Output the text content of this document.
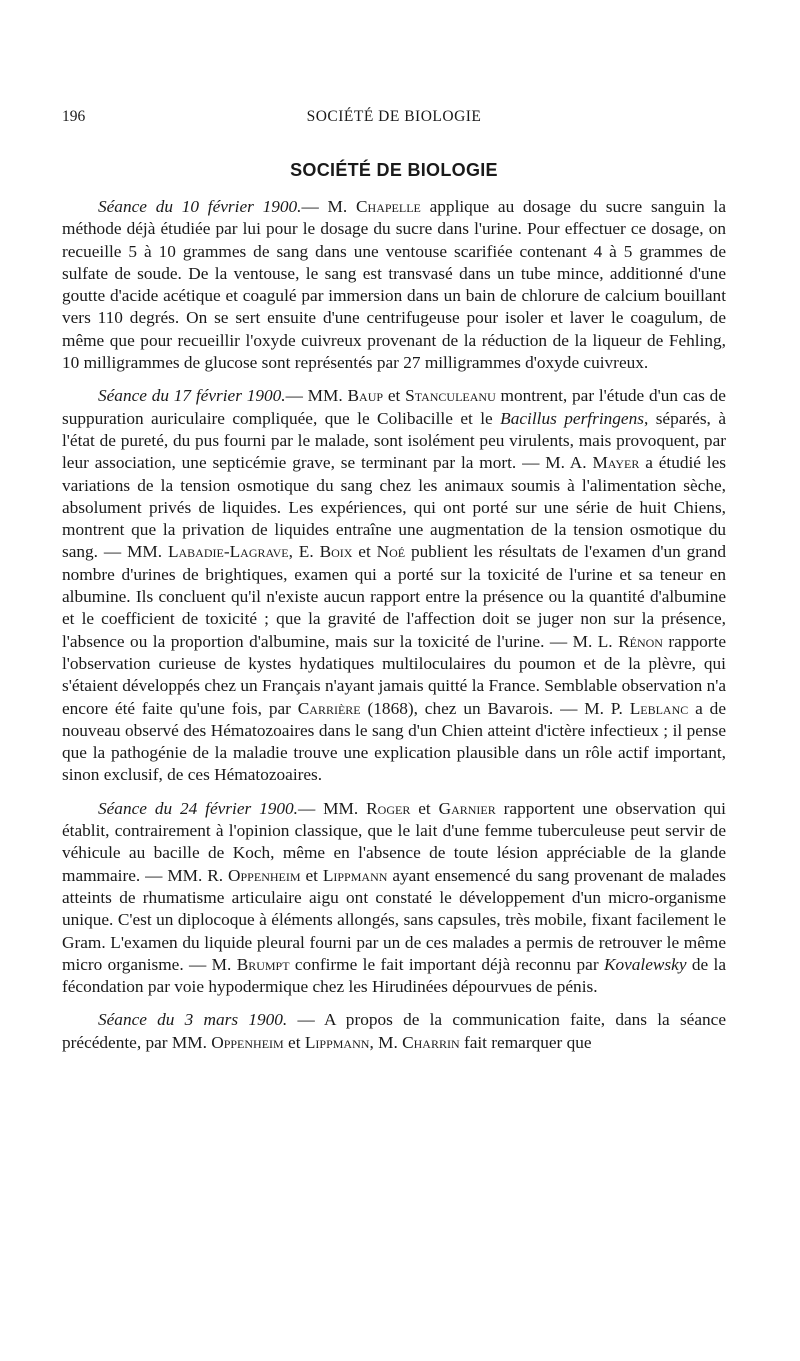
196	SOCIÉTÉ DE BIOLOGIE
SOCIÉTÉ DE BIOLOGIE

Séance du 10 février 1900.— M. Chapelle applique au dosage du sucre sanguin la méthode déjà étudiée par lui pour le dosage du sucre dans l'urine. Pour effectuer ce dosage, on recueille 5 à 10 grammes de sang dans une ventouse scarifiée contenant 4 à 5 grammes de sulfate de soude. De la ventouse, le sang est transvasé dans un tube mince, additionné d'une goutte d'acide acétique et coagulé par immersion dans un bain de chlorure de calcium bouillant vers 110 degrés. On se sert ensuite d'une centrifugeuse pour isoler et laver le coagulum, de même que pour recueillir l'oxyde cuivreux provenant de la réduction de la liqueur de Fehling, 10 milligrammes de glucose sont représentés par 27 milligrammes d'oxyde cuivreux.

Séance du 17 février 1900.— MM. Baup et Stanculeanu montrent, par l'étude d'un cas de suppuration auriculaire compliquée, que le Colibacille et le Bacillus perfringens, séparés, à l'état de pureté, du pus fourni par le malade, sont isolément peu virulents, mais provoquent, par leur association, une septicémie grave, se terminant par la mort. — M. A. Mayer a étudié les variations de la tension osmotique du sang chez les animaux soumis à l'alimentation sèche, absolument privés de liquides. Les expériences, qui ont porté sur une série de huit Chiens, montrent que la privation de liquides entraîne une augmentation de la tension osmotique du sang. — MM. Labadie-Lagrave, E. Boix et Noé publient les résultats de l'examen d'un grand nombre d'urines de brightiques, examen qui a porté sur la toxicité de l'urine et sa teneur en albumine. Ils concluent qu'il n'existe aucun rapport entre la présence ou la quantité d'albumine et le coefficient de toxicité ; que la gravité de l'affection doit se juger non sur la présence, l'absence ou la proportion d'albumine, mais sur la toxicité de l'urine. — M. L. Rénon rapporte l'observation curieuse de kystes hydatiques multiloculaires du poumon et de la plèvre, qui s'étaient développés chez un Français n'ayant jamais quitté la France. Semblable observation n'a encore été faite qu'une fois, par Carrière (1868), chez un Bavarois. — M. P. Leblanc a de nouveau observé des Hématozoaires dans le sang d'un Chien atteint d'ictère infectieux ; il pense que la pathogénie de la maladie trouve une explication plausible dans un rôle actif important, sinon exclusif, de ces Hématozoaires.

Séance du 24 février 1900.— MM. Roger et Garnier rapportent une observation qui établit, contrairement à l'opinion classique, que le lait d'une femme tuberculeuse peut servir de véhicule au bacille de Koch, même en l'absence de toute lésion appréciable de la glande mammaire. — MM. R. Oppenheim et Lippmann ayant ensemencé du sang provenant de malades atteints de rhumatisme articulaire aigu ont constaté le développement d'un micro-organisme unique. C'est un diplocoque à éléments allongés, sans capsules, très mobile, fixant facilement le Gram. L'examen du liquide pleural fourni par un de ces malades a permis de retrouver le même micro organisme. — M. Brumpt confirme le fait important déjà reconnu par Kovalewsky de la fécondation par voie hypodermique chez les Hirudinées dépourvues de pénis.

Séance du 3 mars 1900. — A propos de la communication faite, dans la séance précédente, par MM. Oppenheim et Lippmann, M. Charrin fait remarquer que
